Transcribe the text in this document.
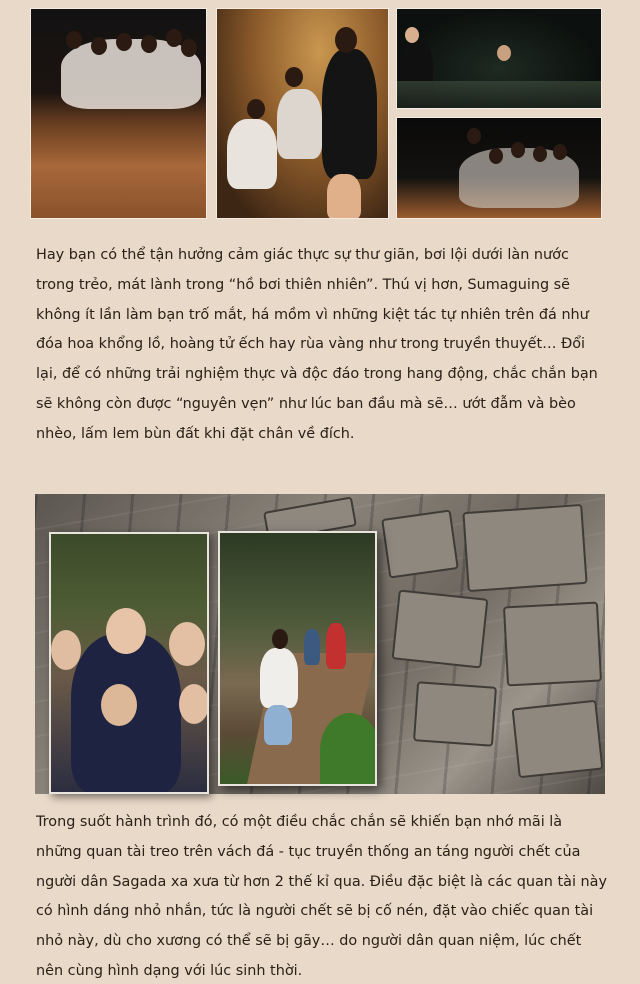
Hay bạn có thể tận hưởng cảm giác thực sự thư giãn, bơi lội dưới làn nước trong trẻo, mát lành trong “hồ bơi thiên nhiên”. Thú vị hơn, Sumaguing sẽ không ít lần làm bạn trố mắt, há mồm vì những kiệt tác tự nhiên trên đá như đóa hoa khổng lồ, hoàng tử ếch hay rùa vàng như trong truyền thuyết… Đổi lại, để có những trải nghiệm thực và độc đáo trong hang động, chắc chắn bạn sẽ không còn được “nguyên vẹn” như lúc ban đầu mà sẽ… ướt đẫm và bèo nhèo, lấm lem bùn đất khi đặt chân về đích.

Trong suốt hành trình đó, có một điều chắc chắn sẽ khiến bạn nhớ mãi là những quan tài treo trên vách đá - tục truyền thống an táng người chết của người dân Sagada xa xưa từ hơn 2 thế kỉ qua. Điều đặc biệt là các quan tài này có hình dáng nhỏ nhắn, tức là người chết sẽ bị cố nén, đặt vào chiếc quan tài nhỏ này, dù cho xương có thể sẽ bị gãy… do người dân quan niệm, lúc chết nên cùng hình dạng với lúc sinh thời.
